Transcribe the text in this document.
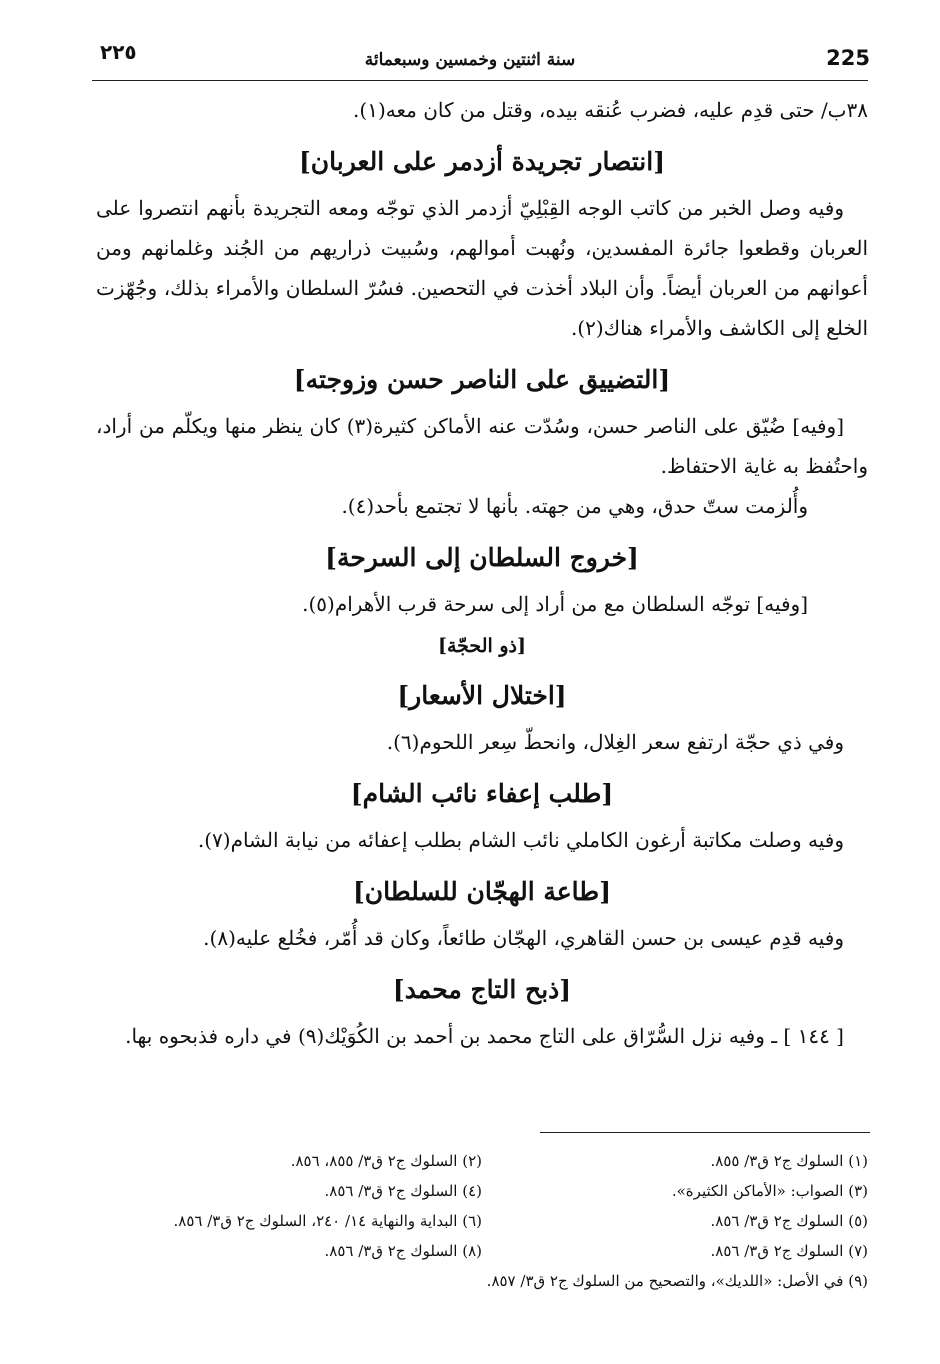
225
سنة اثنتين وخمسين وسبعمائة
٢٢٥

٣٨ب/ حتى قدِم عليه، فضرب عُنقه بيده، وقتل من كان معه(١).

[انتصار تجريدة أزدمر على العربان]

وفيه وصل الخبر من كاتب الوجه القِبْلِيّ أزدمر الذي توجّه ومعه التجريدة بأنهم انتصروا على العربان وقطعوا جائرة المفسدين، ونُهبت أموالهم، وسُبيت ذراريهم من الجُند وغلمانهم ومن أعوانهم من العربان أيضاً. وأن البلاد أخذت في التحصين. فسُرّ السلطان والأمراء بذلك، وجُهّزت الخلع إلى الكاشف والأمراء هناك(٢).

[التضييق على الناصر حسن وزوجته]

[وفيه] ضُيّق على الناصر حسن، وسُدّت عنه الأماكن كثيرة(٣) كان ينظر منها ويكلّم من أراد، واحتُفظ به غاية الاحتفاظ.

وأُلزمت ستّ حدق، وهي من جهته. بأنها لا تجتمع بأحد(٤).

[خروج السلطان إلى السرحة]

[وفيه] توجّه السلطان مع من أراد إلى سرحة قرب الأهرام(٥).

[ذو الحجّة]
[اختلال الأسعار]

وفي ذي حجّة ارتفع سعر الغِلال، وانحطّ سِعر اللحوم(٦).

[طلب إعفاء نائب الشام]

وفيه وصلت مكاتبة أرغون الكاملي نائب الشام بطلب إعفائه من نيابة الشام(٧).

[طاعة الهجّان للسلطان]

وفيه قدِم عيسى بن حسن القاهري، الهجّان طائعاً، وكان قد أُمّر، فخُلع عليه(٨).

[ذبح التاج محمد]

[ ١٤٤ ] ـ وفيه نزل السُّرّاق على التاج محمد بن أحمد بن الكُوَيْك(٩) في داره فذبحوه بها.

(١) السلوك ج٢ ق٣/ ٨٥٥.
(٢) السلوك ج٢ ق٣/ ٨٥٥، ٨٥٦.
(٣) الصواب: «الأماكن الكثيرة».
(٤) السلوك ج٢ ق٣/ ٨٥٦.
(٥) السلوك ج٢ ق٣/ ٨٥٦.
(٦) البداية والنهاية ١٤/ ٢٤٠، السلوك ج٢ ق٣/ ٨٥٦.
(٧) السلوك ج٢ ق٣/ ٨٥٦.
(٨) السلوك ج٢ ق٣/ ٨٥٦.
(٩) في الأصل: «اللديك»، والتصحيح من السلوك ج٢ ق٣/ ٨٥٧.
